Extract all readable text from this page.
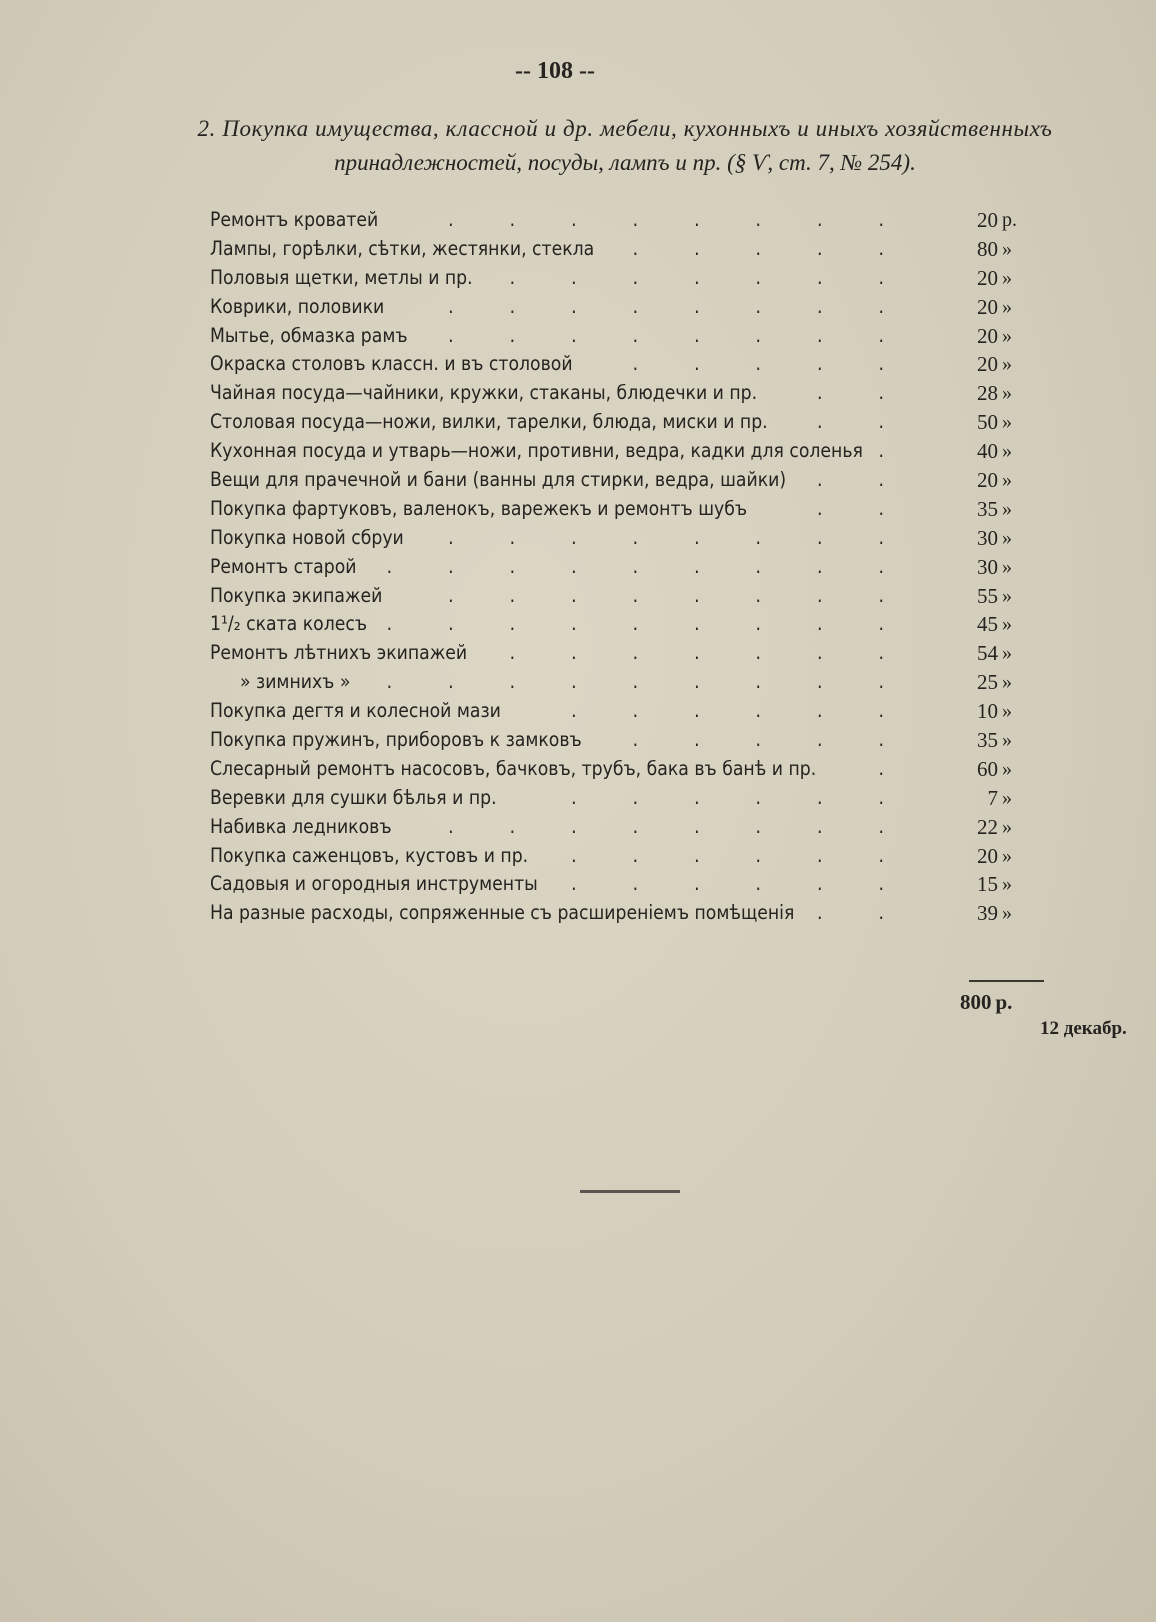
-- 108 --
2. Покупка имущества, классной и др. мебели, кухонныхъ и иныхъ хозяйственныхъ
принадлежностей, посуды, лампъ и пр. (§ Ѵ, ст. 7, № 254).
........
Ремонтъ кроватей	20 р.
.....
Лампы, горѣлки, сѣтки, жестянки, стекла	80 »
.......
Половыя щетки, метлы и пр.	20 »
........
Коврики, половики	20 »
........
Мытье, обмазка рамъ	20 »
.....
Окраска столовъ классн. и въ столовой	20 »
..
Чайная посуда—чайники, кружки, стаканы, блюдечки и пр.	28 »
..
Столовая посуда—ножи, вилки, тарелки, блюда, миски и пр.	50 »
.
Кухонная посуда и утварь—ножи, противни, ведра, кадки для соленья	40 »
..
Вещи для прачечной и бани (ванны для стирки, ведра, шайки)	20 »
..
Покупка фартуковъ, валенокъ, варежекъ и ремонтъ шубъ	35 »
........
Покупка новой сбруи	30 »
.........
Ремонтъ старой	30 »
........
Покупка экипажей	55 »
.........
1¹/₂ ската колесъ	45 »
.......
Ремонтъ лѣтнихъ экипажей	54 »
.........
» зимнихъ »	25 »
......
Покупка дегтя и колесной мази	10 »
.....
Покупка пружинъ, приборовъ к замковъ	35 »
.
Слесарный ремонтъ насосовъ, бачковъ, трубъ, бака въ банѣ и пр.	60 »
......
Веревки для сушки бѣлья и пр.	7 »
........
Набивка ледниковъ	22 »
......
Покупка саженцовъ, кустовъ и пр.	20 »
......
Садовыя и огородныя инструменты	15 »
..
На разные расходы, сопряженные съ расширеніемъ помѣщенія	39 »
800 р.
12 декабр.
